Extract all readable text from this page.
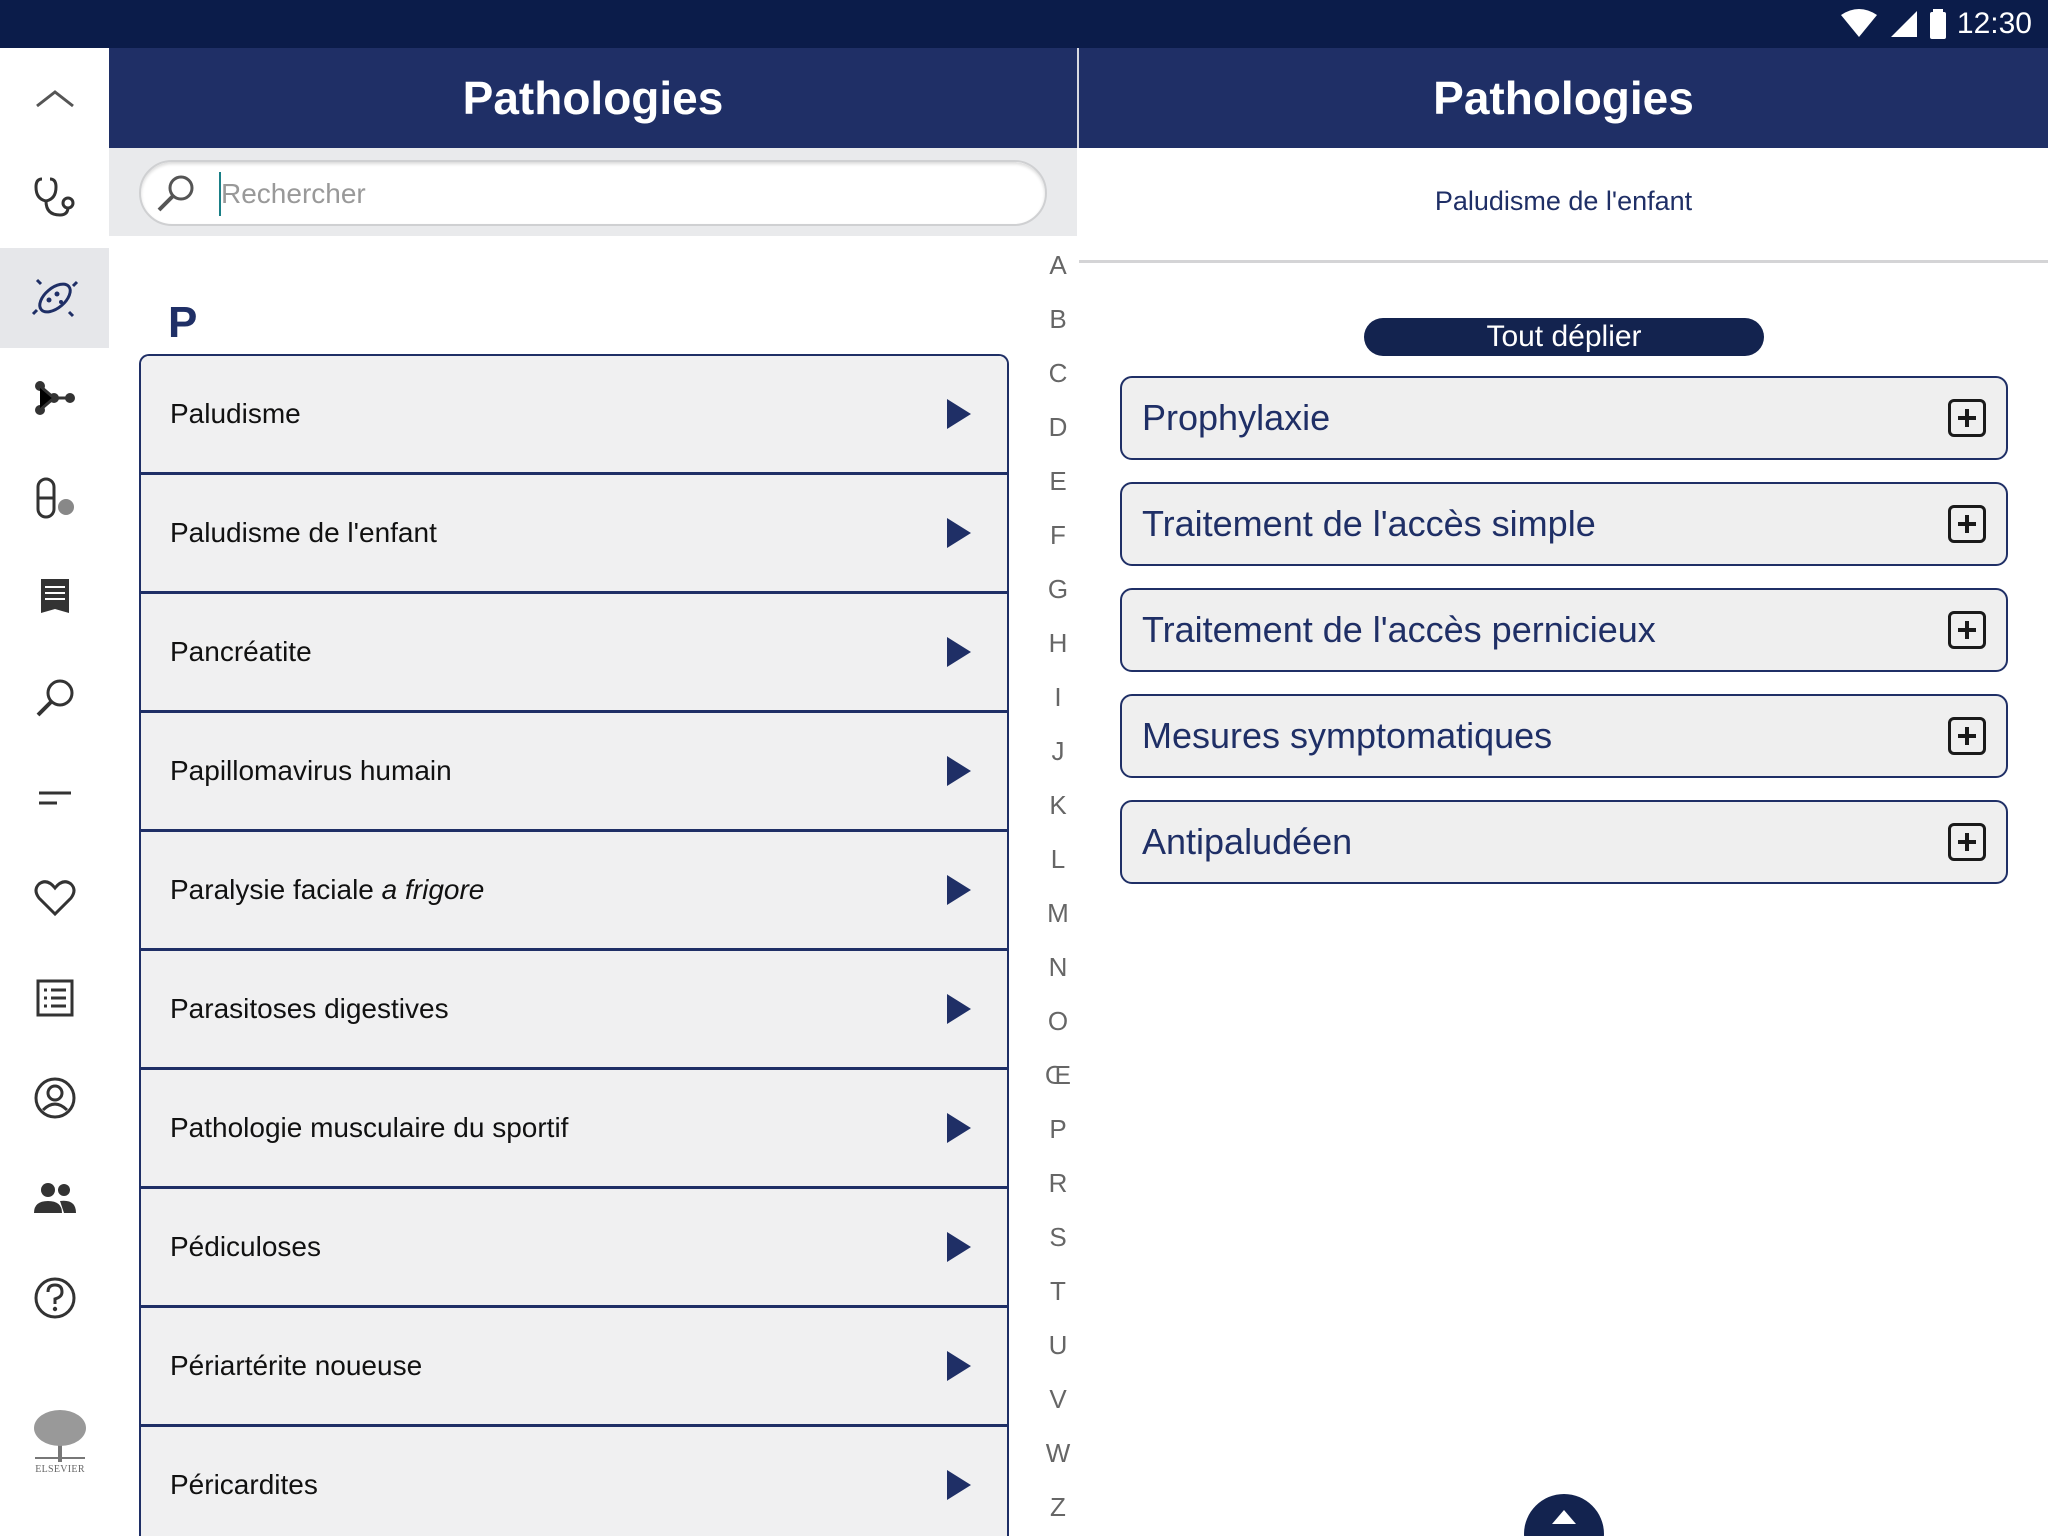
12:30
ELSEVIER
Pathologies	Pathologies
Rechercher
P
Paludisme
Paludisme de l'enfant
Pancréatite
Papillomavirus humain
Paralysie faciale a frigore
Parasitoses digestives
Pathologie musculaire du sportif
Pédiculoses
Périartérite noueuse
Péricardites
A
B
C
D
E
F
G
H
I
J
K
L
M
N
O
Œ
P
R
S
T
U
V
W
Z
Paludisme de l'enfant
Tout déplier
Prophylaxie
Traitement de l'accès simple
Traitement de l'accès pernicieux
Mesures symptomatiques
Antipaludéen
